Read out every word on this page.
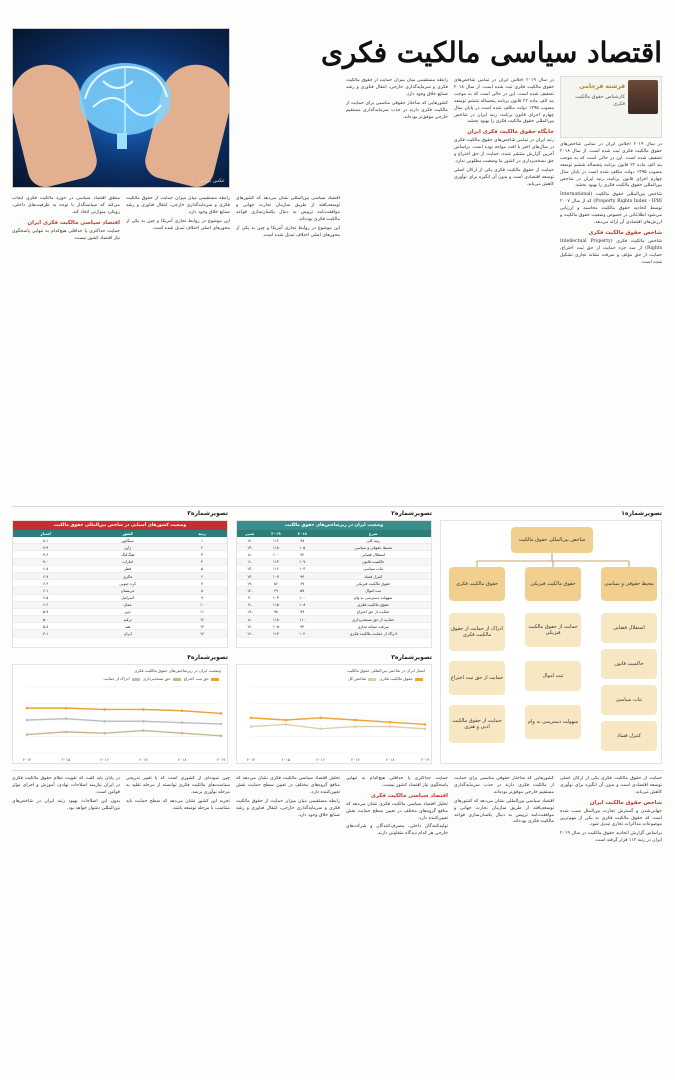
عکس تزئینی
اقتصاد سیاسی مالکیت فکری
فرشته فرجامی
کارشناس حقوق مالکیت فکری

در سال ۲۰۱۹ اجلاس ایران در تمامی شاخص‌های حقوق مالکیت فکری ثبت شده است. از سال ۲۰۱۸ تضعیف شده است. این در حالی است که به موجب بند الف ماده ۲۲ قانون برنامه پنجساله ششم توسعه مصوب ۱۳۹۵ دولت مکلف شده است در پایان سال چهارم اجرای قانون برنامه، رتبه ایران در شاخص بین‌المللی حقوق مالکیت فکری را بهبود بخشد.

شاخص بین‌المللی حقوق مالکیت (International Property Rights Index - IPRI) که از سال ۲۰۰۷ توسط اتحادیه حقوق مالکیت محاسبه و ارزیابی می‌شود اطلاعاتی در خصوص وضعیت حقوق مالکیت و ارزش‌های اقتصادی آن ارائه می‌دهد.

شاخص حقوق مالکیت فکری

شاخص مالکیت فکری (Intellectual Property Rights) از سه جزء حمایت از حق ثبت اختراع، حمایت از حق مؤلف و سرقت نشانه تجاری تشکیل شده است.

در سال ۲۰۱۹ اجلاس ایران در تمامی شاخص‌های حقوق مالکیت فکری ثبت شده است. از سال ۲۰۱۸ تضعیف شده است. این در حالی است که به موجب بند الف ماده ۲۲ قانون برنامه پنجساله ششم توسعه مصوب ۱۳۹۵ دولت مکلف شده است در پایان سال چهارم اجرای قانون برنامه، رتبه ایران در شاخص بین‌المللی حقوق مالکیت فکری را بهبود بخشد.

جایگاه حقوق مالکیت فکری ایران

رتبه ایران در تمامی شاخص‌های حقوق مالکیت فکری در سال‌های اخیر با افت مواجه بوده است. براساس آخرین گزارش منتشر شده، حمایت از حق اختراع و حق نسخه‌برداری در کشور ما وضعیت مطلوبی ندارد.

حمایت از حقوق مالکیت فکری یکی از ارکان اصلی توسعه اقتصادی است و بدون آن انگیزه برای نوآوری کاهش می‌یابد.

رابطه مستقیمی میان میزان حمایت از حقوق مالکیت فکری و سرمایه‌گذاری خارجی، انتقال فناوری و رشد صنایع خلاق وجود دارد.

کشورهایی که ساختار حقوقی مناسبی برای حمایت از مالکیت فکری دارند در جذب سرمایه‌گذاری مستقیم خارجی موفق‌تر بوده‌اند.

اقتصاد سیاسی بین‌المللی نشان می‌دهد که کشورهای توسعه‌یافته از طریق سازمان تجارت جهانی و موافقت‌نامه تریپس به دنبال یکسان‌سازی قواعد مالکیت فکری بوده‌اند.

این موضوع در روابط تجاری آمریکا و چین به یکی از محورهای اصلی اختلاف تبدیل شده است.

رابطه مستقیمی میان میزان حمایت از حقوق مالکیت فکری و سرمایه‌گذاری خارجی، انتقال فناوری و رشد صنایع خلاق وجود دارد.

این موضوع در روابط تجاری آمریکا و چین به یکی از محورهای اصلی اختلاف تبدیل شده است.

منطق اقتصاد سیاسی در حوزه مالکیت فکری ایجاب می‌کند که سیاستگذار با توجه به ظرفیت‌های داخلی، رویکرد متوازنی اتخاذ کند.

اقتصاد سیاسی مالکیت فکری ایران

حمایت حداکثری یا حداقلی هیچ‌کدام به تنهایی پاسخگوی نیاز اقتصاد کشور نیست.

تصویرشماره۱
شاخص بین‌المللی حقوق مالکیت
محیط حقوقی و سیاسی
حقوق مالکیت فیزیکی
حقوق مالکیت فکری
استقلال قضایی
حاکمیت قانون
ثبات سیاسی
کنترل فساد
حمایت از حقوق مالکیت فیزیکی
ثبت اموال
سهولت دسترسی به وام
ادراک از حمایت از حقوق مالکیت فکری
حمایت از حق ثبت اختراع
حمایت از حقوق مالکیت ادبی و هنری
تصویرشماره۲
وضعیت ایران در زیرشاخص‌های حقوق مالکیت
شرح	۲۰۱۸	۲۰۱۹	تغییر
رتبه کلی	۹۸	۱۱۲	-۱۴
محیط حقوقی و سیاسی	۱۰۵	۱۱۸	-۱۳
استقلال قضایی	۹۲	۱۰۰	-۸
حاکمیت قانون	۱۰۷	۱۱۳	-۶
ثبات سیاسی	۱۰۳	۱۱۶	-۱۳
کنترل فساد	۹۴	۱۰۷	-۱۳
حقوق مالکیت فیزیکی	۶۷	۸۶	-۱۹
ثبت اموال	۵۷	۶۹	-۱۲
سهولت دسترسی به وام	۱۰۰	۱۰۳	-۳
حقوق مالکیت فکری	۱۰۸	۱۱۵	-۷
حمایت از حق اختراع	۷۹	۹۸	-۱۹
حمایت از حق نسخه‌برداری	۱۱۰	۱۱۸	-۸
سرقت نشانه تجاری	۹۳	۱۰۵	-۱۲
ادراک از حمایت مالکیت فکری	۱۰۲	۱۱۴	-۱۲
تصویرشماره۳
وضعیت کشورهای آسیایی در شاخص بین‌المللی حقوق مالکیت
رتبه	کشور	امتیاز
۱	سنگاپور	۸.۱
۲	ژاپن	۷.۹
۳	هنگ‌کنگ	۷.۶
۴	امارات	۷.۰
۵	قطر	۶.۸
۶	مالزی	۶.۷
۷	کره جنوبی	۶.۳
۸	عربستان	۶.۱
۹	اسرائیل	۶.۵
۱۰	عمان	۶.۲
۱۱	چین	۵.۷
۱۲	ترکیه	۵.۰
۱۳	هند	۵.۸
۱۴	ایران	۴.۱
تصویرشماره۳
امتیاز ایران در شاخص بین‌المللی حقوق مالکیت
حقوق مالکیت فکری شاخص کل
۲۰۱۴	۲۰۱۵	۲۰۱۶	۲۰۱۷	۲۰۱۸	۲۰۱۹
تصویرشماره۴
وضعیت ایران در زیرشاخص‌های حقوق مالکیت فکری
حق ثبت اختراع حق نسخه‌برداری ادراک از حمایت
۲۰۱۴	۲۰۱۵	۲۰۱۶	۲۰۱۷	۲۰۱۸	۲۰۱۹

حمایت از حقوق مالکیت فکری یکی از ارکان اصلی توسعه اقتصادی است و بدون آن انگیزه برای نوآوری کاهش می‌یابد.

شاخص حقوق مالکیت ایران

جهانی‌شدن و گسترش تجارت بین‌الملل سبب شده است که حقوق مالکیت فکری به یکی از مهم‌ترین موضوعات مذاکرات تجاری تبدیل شود.

براساس گزارش اتحادیه حقوق مالکیت در سال ۲۰۱۹ ایران در رتبه ۱۱۲ قرار گرفته است.

کشورهایی که ساختار حقوقی مناسبی برای حمایت از مالکیت فکری دارند در جذب سرمایه‌گذاری مستقیم خارجی موفق‌تر بوده‌اند.

اقتصاد سیاسی بین‌المللی نشان می‌دهد که کشورهای توسعه‌یافته از طریق سازمان تجارت جهانی و موافقت‌نامه تریپس به دنبال یکسان‌سازی قواعد مالکیت فکری بوده‌اند.

حمایت حداکثری یا حداقلی هیچ‌کدام به تنهایی پاسخگوی نیاز اقتصاد کشور نیست.

اقتصاد سیاسی مالکیت فکری

تحلیل اقتصاد سیاسی مالکیت فکری نشان می‌دهد که منافع گروه‌های مختلف در تعیین سطح حمایت نقش تعیین‌کننده دارد.

تولیدکنندگان داخلی، مصرف‌کنندگان و شرکت‌های خارجی هر کدام دیدگاه متفاوتی دارند.

تحلیل اقتصاد سیاسی مالکیت فکری نشان می‌دهد که منافع گروه‌های مختلف در تعیین سطح حمایت نقش تعیین‌کننده دارد.

رابطه مستقیمی میان میزان حمایت از حقوق مالکیت فکری و سرمایه‌گذاری خارجی، انتقال فناوری و رشد صنایع خلاق وجود دارد.

چین نمونه‌ای از کشوری است که با تغییر تدریجی سیاست‌های مالکیت فکری توانسته از مرحله تقلید به مرحله نوآوری برسد.

تجربه این کشور نشان می‌دهد که سطح حمایت باید متناسب با مرحله توسعه باشد.

در پایان باید گفت که تقویت نظام حقوق مالکیت فکری در ایران نیازمند اصلاحات نهادی، آموزش و اجرای مؤثر قوانین است.

بدون این اصلاحات بهبود رتبه ایران در شاخص‌های بین‌المللی دشوار خواهد بود.
